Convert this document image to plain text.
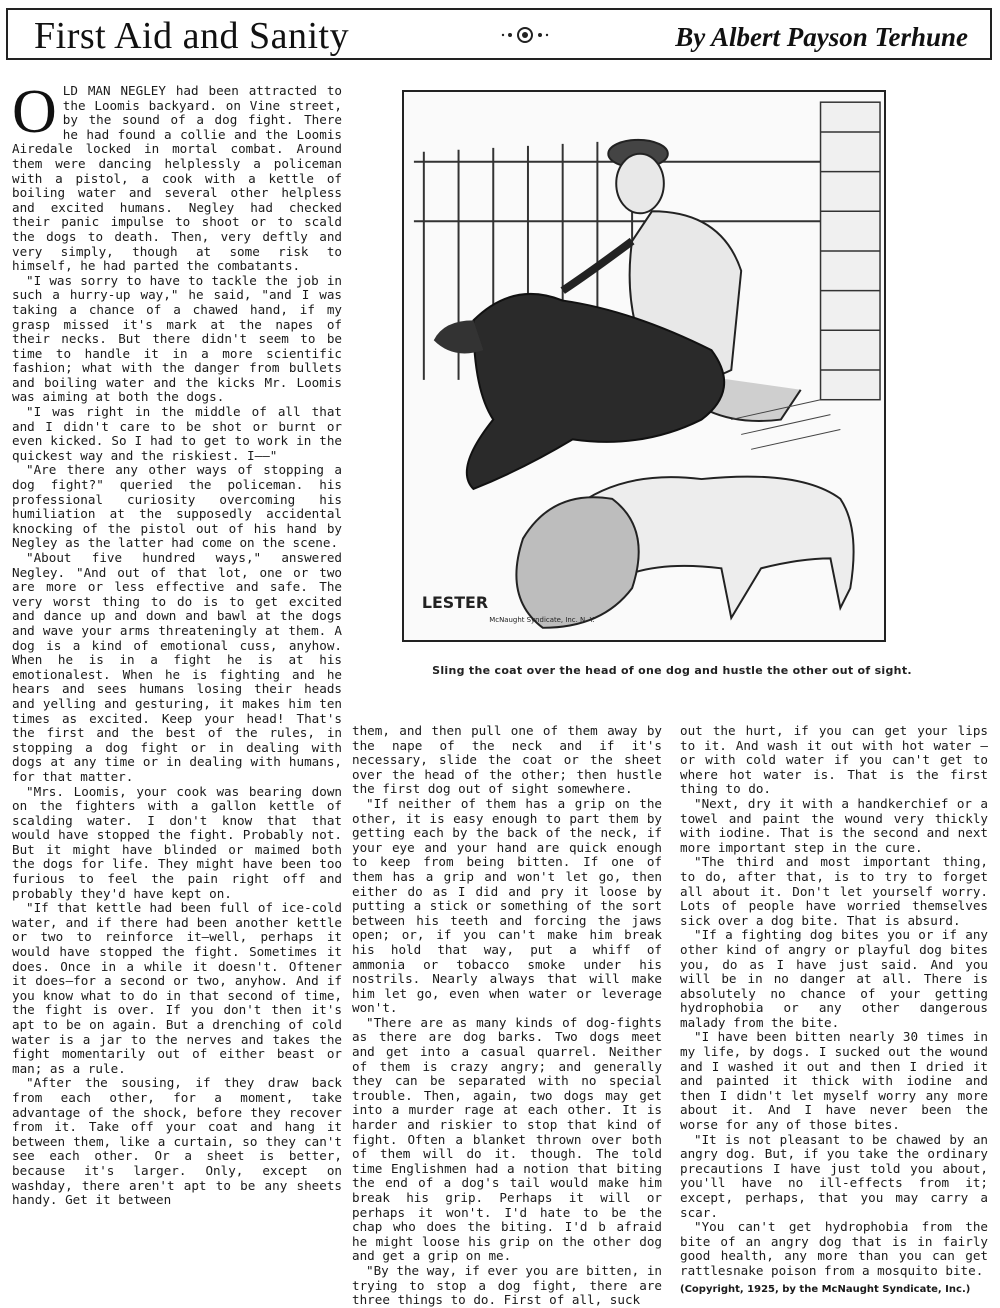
First Aid and Sanity	By Albert Payson Terhune
O LD MAN NEGLEY had been attracted to the Loomis backyard. on Vine street, by the sound of a dog fight. There he had found a collie and the Loomis Airedale locked in mortal combat. Around them were dancing helplessly a policeman with a pistol, a cook with a kettle of boiling water and several other helpless and excited humans. Negley had checked their panic impulse to shoot or to scald the dogs to death. Then, very deftly and very simply, though at some risk to himself, he had parted the combatants.

"I was sorry to have to tackle the job in such a hurry-up way," he said, "and I was taking a chance of a chawed hand, if my grasp missed it's mark at the napes of their necks. But there didn't seem to be time to handle it in a more scientific fashion; what with the danger from bullets and boiling water and the kicks Mr. Loomis was aiming at both the dogs.

"I was right in the middle of all that and I didn't care to be shot or burnt or even kicked. So I had to get to work in the quickest way and the riskiest. I——"

"Are there any other ways of stopping a dog fight?" queried the policeman. his professional curiosity overcoming his humiliation at the supposedly accidental knocking of the pistol out of his hand by Negley as the latter had come on the scene.

"About five hundred ways," answered Negley. "And out of that lot, one or two are more or less effective and safe. The very worst thing to do is to get excited and dance up and down and bawl at the dogs and wave your arms threateningly at them. A dog is a kind of emotional cuss, anyhow. When he is in a fight he is at his emotionalest. When he is fighting and he hears and sees humans losing their heads and yelling and gesturing, it makes him ten times as excited. Keep your head! That's the first and the best of the rules, in stopping a dog fight or in dealing with dogs at any time or in dealing with humans, for that matter.

"Mrs. Loomis, your cook was bearing down on the fighters with a gallon kettle of scalding water. I don't know that that would have stopped the fight. Probably not. But it might have blinded or maimed both the dogs for life. They might have been too furious to feel the pain right off and probably they'd have kept on.

"If that kettle had been full of ice-cold water, and if there had been another kettle or two to reinforce it—well, perhaps it would have stopped the fight. Sometimes it does. Once in a while it doesn't. Oftener it does—for a second or two, anyhow. And if you know what to do in that second of time, the fight is over. If you don't then it's apt to be on again. But a drenching of cold water is a jar to the nerves and takes the fight momentarily out of either beast or man; as a rule.

"After the sousing, if they draw back from each other, for a moment, take advantage of the shock, before they recover from it. Take off your coat and hang it between them, like a curtain, so they can't see each other. Or a sheet is better, because it's larger. Only, except on washday, there aren't apt to be any sheets handy. Get it between

LESTER
McNaught Syndicate, Inc. N. Y.
Sling the coat over the head of one dog and hustle the other out of sight.

them, and then pull one of them away by the nape of the neck and if it's necessary, slide the coat or the sheet over the head of the other; then hustle the first dog out of sight somewhere.

"If neither of them has a grip on the other, it is easy enough to part them by getting each by the back of the neck, if your eye and your hand are quick enough to keep from being bitten. If one of them has a grip and won't let go, then either do as I did and pry it loose by putting a stick or something of the sort between his teeth and forcing the jaws open; or, if you can't make him break his hold that way, put a whiff of ammonia or tobacco smoke under his nostrils. Nearly always that will make him let go, even when water or leverage won't.

"There are as many kinds of dog-fights as there are dog barks. Two dogs meet and get into a casual quarrel. Neither of them is crazy angry; and generally they can be separated with no special trouble. Then, again, two dogs may get into a murder rage at each other. It is harder and riskier to stop that kind of fight. Often a blanket thrown over both of them will do it. though. The told time Englishmen had a notion that biting the end of a dog's tail would make him break his grip. Perhaps it will or perhaps it won't. I'd hate to be the chap who does the biting. I'd b afraid he might loose his grip on the other dog and get a grip on me.

"By the way, if ever you are bitten, in trying to stop a dog fight, there are three things to do. First of all, suck

out the hurt, if you can get your lips to it. And wash it out with hot water —or with cold water if you can't get to where hot water is. That is the first thing to do.

"Next, dry it with a handkerchief or a towel and paint the wound very thickly with iodine. That is the second and next more important step in the cure.

"The third and most important thing, to do, after that, is to try to forget all about it. Don't let yourself worry. Lots of people have worried themselves sick over a dog bite. That is absurd.

"If a fighting dog bites you or if any other kind of angry or playful dog bites you, do as I have just said. And you will be in no danger at all. There is absolutely no chance of your getting hydrophobia or any other dangerous malady from the bite.

"I have been bitten nearly 30 times in my life, by dogs. I sucked out the wound and I washed it out and then I dried it and painted it thick with iodine and then I didn't let myself worry any more about it. And I have never been the worse for any of those bites.

"It is not pleasant to be chawed by an angry dog. But, if you take the ordinary precautions I have just told you about, you'll have no ill-effects from it; except, perhaps, that you may carry a scar.

"You can't get hydrophobia from the bite of an angry dog that is in fairly good health, any more than you can get rattlesnake poison from a mosquito bite.

(Copyright, 1925, by the McNaught Syndicate, Inc.)
